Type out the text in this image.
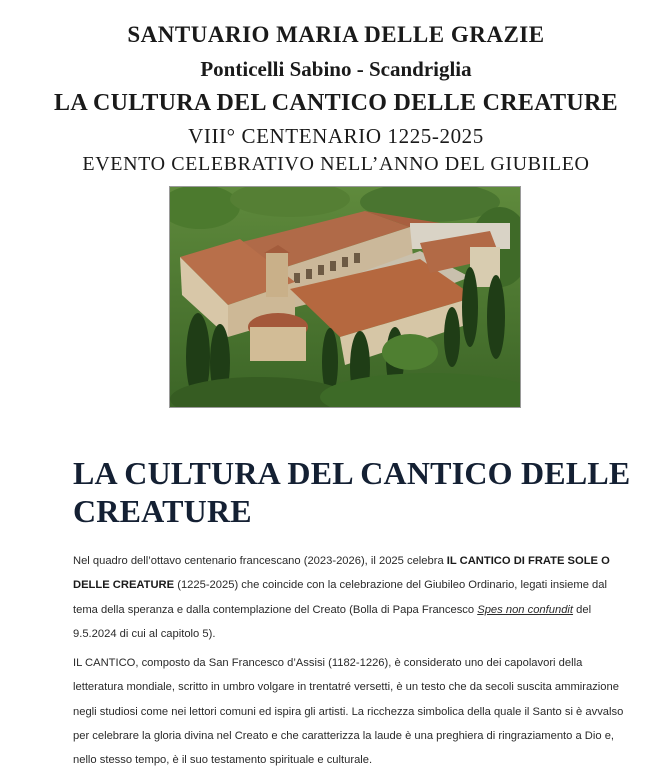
SANTUARIO MARIA DELLE GRAZIE
Ponticelli Sabino - Scandriglia
LA CULTURA DEL CANTICO DELLE CREATURE
VIII° CENTENARIO 1225-2025
EVENTO CELEBRATIVO NELL’ANNO DEL GIUBILEO
LA CULTURA DEL CANTICO DELLE CREATURE

Nel quadro dell’ottavo centenario francescano (2023-2026), il 2025 celebra IL CANTICO DI FRATE SOLE O DELLE CREATURE (1225-2025) che coincide con la celebrazione del Giubileo Ordinario, legati insieme dal tema della speranza e dalla contemplazione del Creato (Bolla di Papa Francesco Spes non confundit del 9.5.2024 di cui al capitolo 5).

IL CANTICO, composto da San Francesco d’Assisi (1182-1226), è considerato uno dei capolavori della letteratura mondiale, scritto in umbro volgare in trentatré versetti, è un testo che da secoli suscita ammirazione negli studiosi come nei lettori comuni ed ispira gli artisti. La ricchezza simbolica della quale il Santo si è avvalso per celebrare la gloria divina nel Creato e che caratterizza la laude è una preghiera di ringraziamento a Dio e, nello stesso tempo, è il suo testamento spirituale e culturale.
